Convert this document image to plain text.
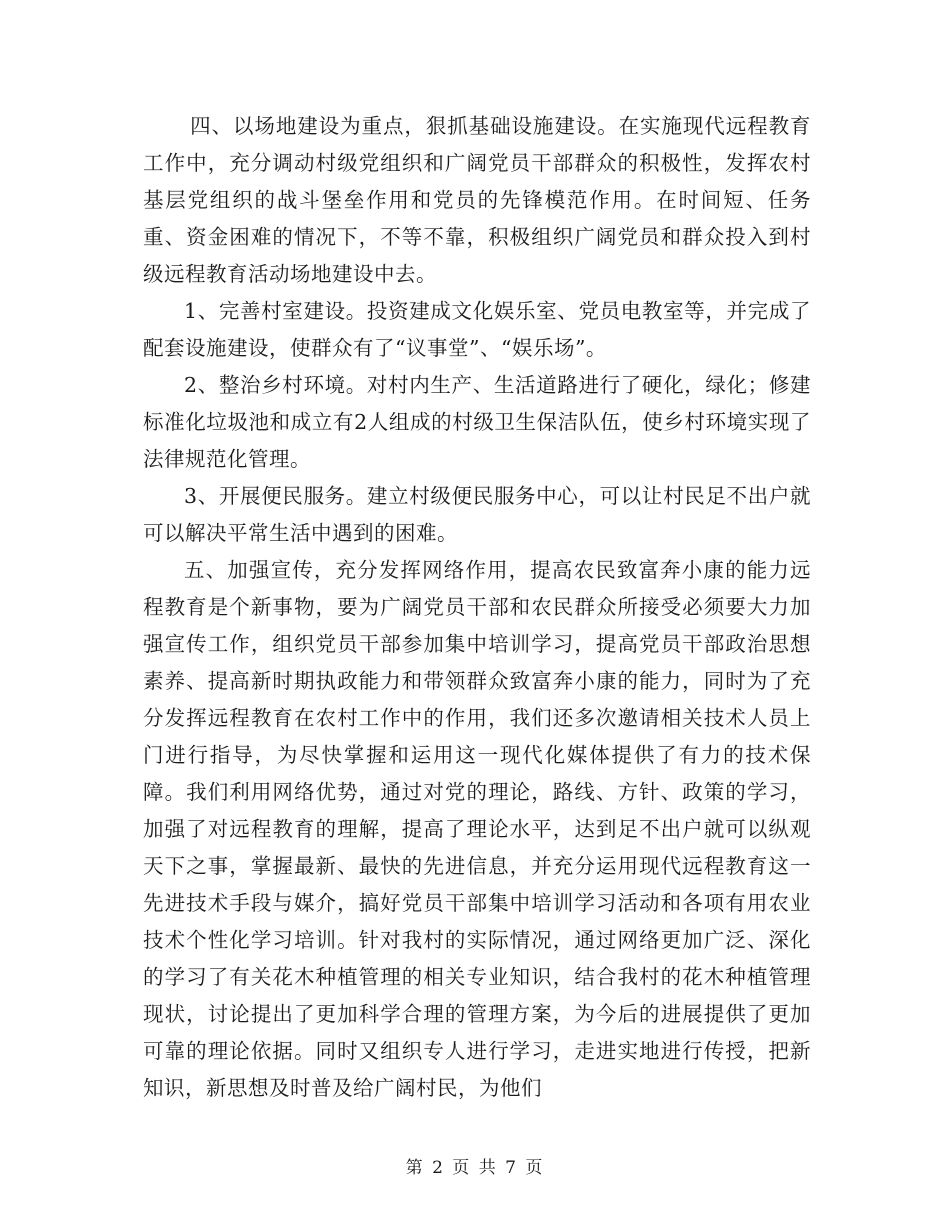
四、以场地建设为重点，狠抓基础设施建设。在实施现代远程教育工作中，充分调动村级党组织和广阔党员干部群众的积极性，发挥农村基层党组织的战斗堡垒作用和党员的先锋模范作用。在时间短、任务重、资金困难的情况下，不等不靠，积极组织广阔党员和群众投入到村级远程教育活动场地建设中去。

1、完善村室建设。投资建成文化娱乐室、党员电教室等，并完成了配套设施建设，使群众有了“议事堂”、“娱乐场”。

2、整治乡村环境。对村内生产、生活道路进行了硬化，绿化；修建标准化垃圾池和成立有2人组成的村级卫生保洁队伍，使乡村环境实现了法律规范化管理。

3、开展便民服务。建立村级便民服务中心，可以让村民足不出户就可以解决平常生活中遇到的困难。

五、加强宣传，充分发挥网络作用，提高农民致富奔小康的能力远程教育是个新事物，要为广阔党员干部和农民群众所接受必须要大力加强宣传工作，组织党员干部参加集中培训学习，提高党员干部政治思想素养、提高新时期执政能力和带领群众致富奔小康的能力，同时为了充分发挥远程教育在农村工作中的作用，我们还多次邀请相关技术人员上门进行指导，为尽快掌握和运用这一现代化媒体提供了有力的技术保障。我们利用网络优势，通过对党的理论，路线、方针、政策的学习，加强了对远程教育的理解，提高了理论水平，达到足不出户就可以纵观天下之事，掌握最新、最快的先进信息，并充分运用现代远程教育这一先进技术手段与媒介，搞好党员干部集中培训学习活动和各项有用农业技术个性化学习培训。针对我村的实际情况，通过网络更加广泛、深化的学习了有关花木种植管理的相关专业知识，结合我村的花木种植管理现状，讨论提出了更加科学合理的管理方案，为今后的进展提供了更加可靠的理论依据。同时又组织专人进行学习，走进实地进行传授，把新知识，新思想及时普及给广阔村民，为他们

第 2 页 共 7 页
